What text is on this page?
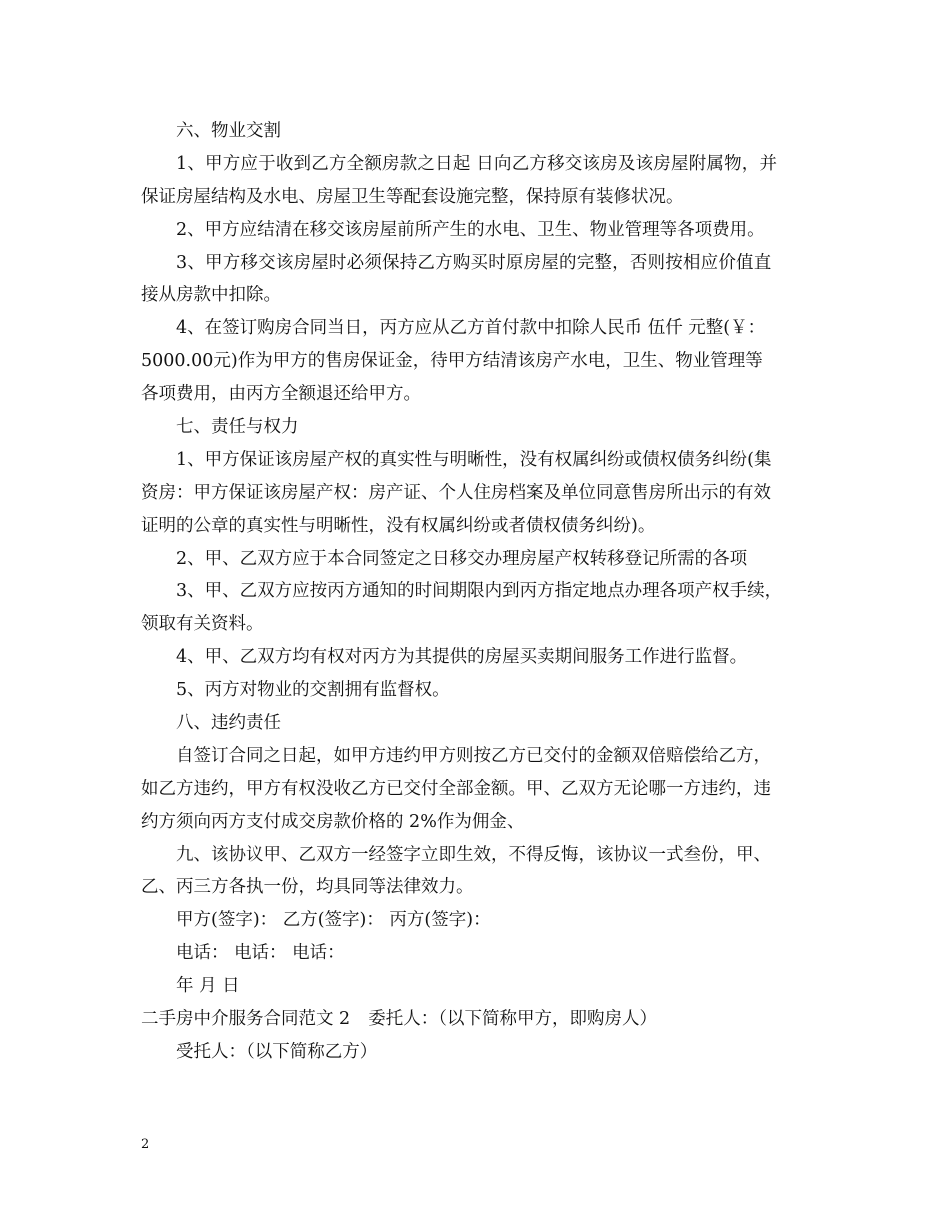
六、物业交割
1、甲方应于收到乙方全额房款之日起 日向乙方移交该房及该房屋附属物，并
保证房屋结构及水电、房屋卫生等配套设施完整，保持原有装修状况。
2、甲方应结清在移交该房屋前所产生的水电、卫生、物业管理等各项费用。
3、甲方移交该房屋时必须保持乙方购买时原房屋的完整，否则按相应价值直
接从房款中扣除。
4、在签订购房合同当日，丙方应从乙方首付款中扣除人民币 伍仟 元整(￥：
5000.00元)作为甲方的售房保证金，待甲方结清该房产水电，卫生、物业管理等
各项费用，由丙方全额退还给甲方。
七、责任与权力
1、甲方保证该房屋产权的真实性与明晰性，没有权属纠纷或债权债务纠纷(集
资房：甲方保证该房屋产权：房产证、个人住房档案及单位同意售房所出示的有效
证明的公章的真实性与明晰性，没有权属纠纷或者债权债务纠纷)。
2、甲、乙双方应于本合同签定之日移交办理房屋产权转移登记所需的各项
3、甲、乙双方应按丙方通知的时间期限内到丙方指定地点办理各项产权手续，
领取有关资料。
4、甲、乙双方均有权对丙方为其提供的房屋买卖期间服务工作进行监督。
5、丙方对物业的交割拥有监督权。
八、违约责任
自签订合同之日起，如甲方违约甲方则按乙方已交付的金额双倍赔偿给乙方，
如乙方违约，甲方有权没收乙方已交付全部金额。甲、乙双方无论哪一方违约，违
约方须向丙方支付成交房款价格的 2%作为佣金、
九、该协议甲、乙双方一经签字立即生效，不得反悔，该协议一式叁份，甲、
乙、丙三方各执一份，均具同等法律效力。
甲方(签字)： 乙方(签字)： 丙方(签字)：
电话： 电话： 电话：
年 月 日
二手房中介服务合同范文 2 委托人：（以下简称甲方，即购房人）
受托人：（以下简称乙方）
2
